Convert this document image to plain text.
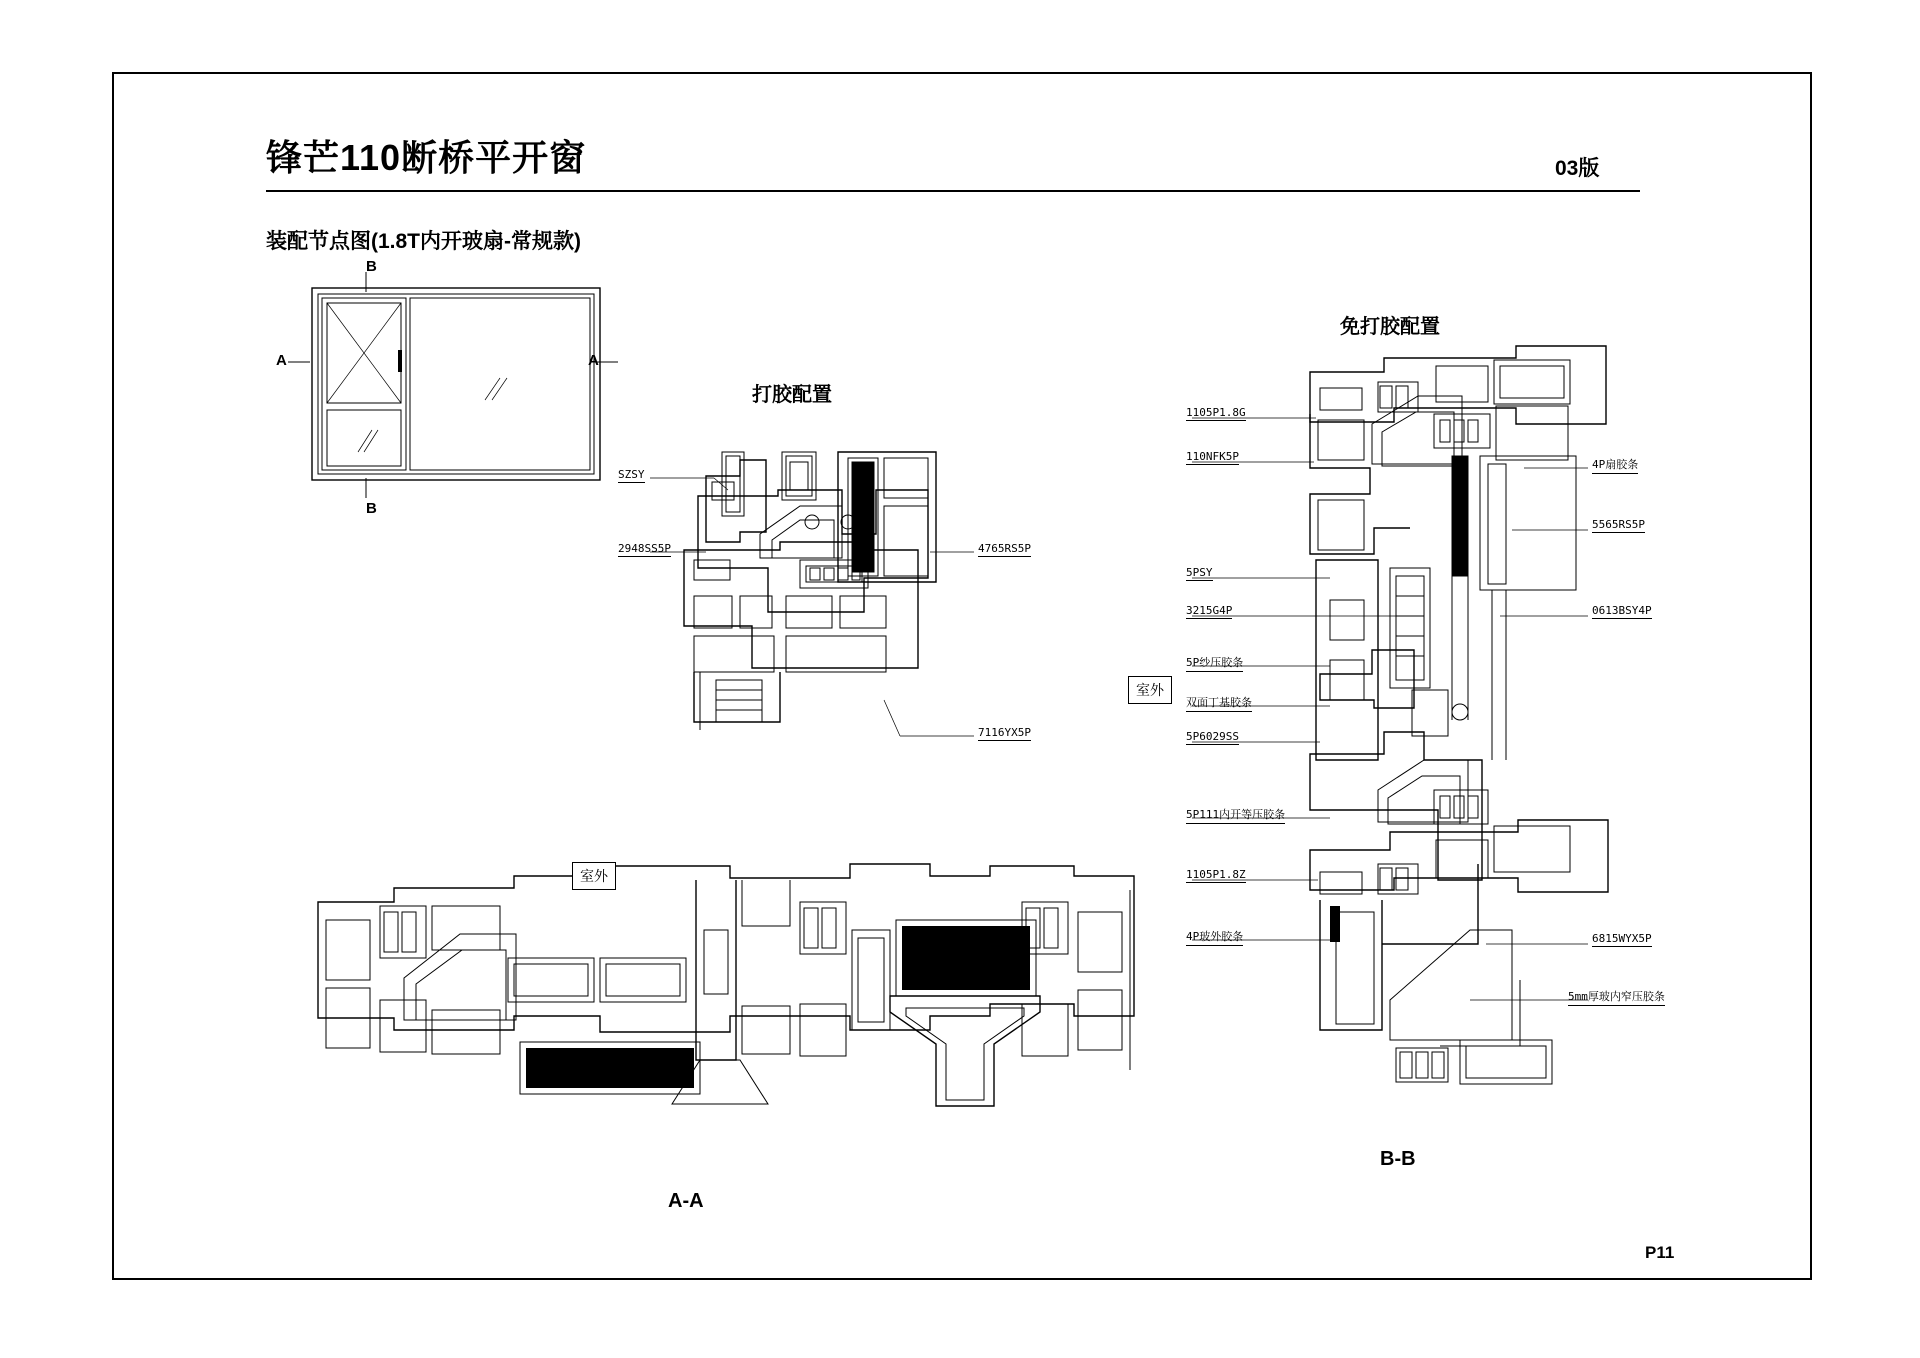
锋芒110断桥平开窗	03版
装配节点图(1.8T内开玻扇-常规款)
P11
B
B
A	A
打胶配置
SZSY
2948SS5P	4765RS5P
7116YX5P
免打胶配置
B-B
室外
1105P1.8G
110NFK5P
5PSY
3215G4P
5P纱压胶条
双面丁基胶条
5P6029SS
5P111内开等压胶条
1105P1.8Z
4P玻外胶条
4P扇胶条
5565RS5P
0613BSY4P
6815WYX5P
5mm厚玻内窄压胶条
室外
A-A
